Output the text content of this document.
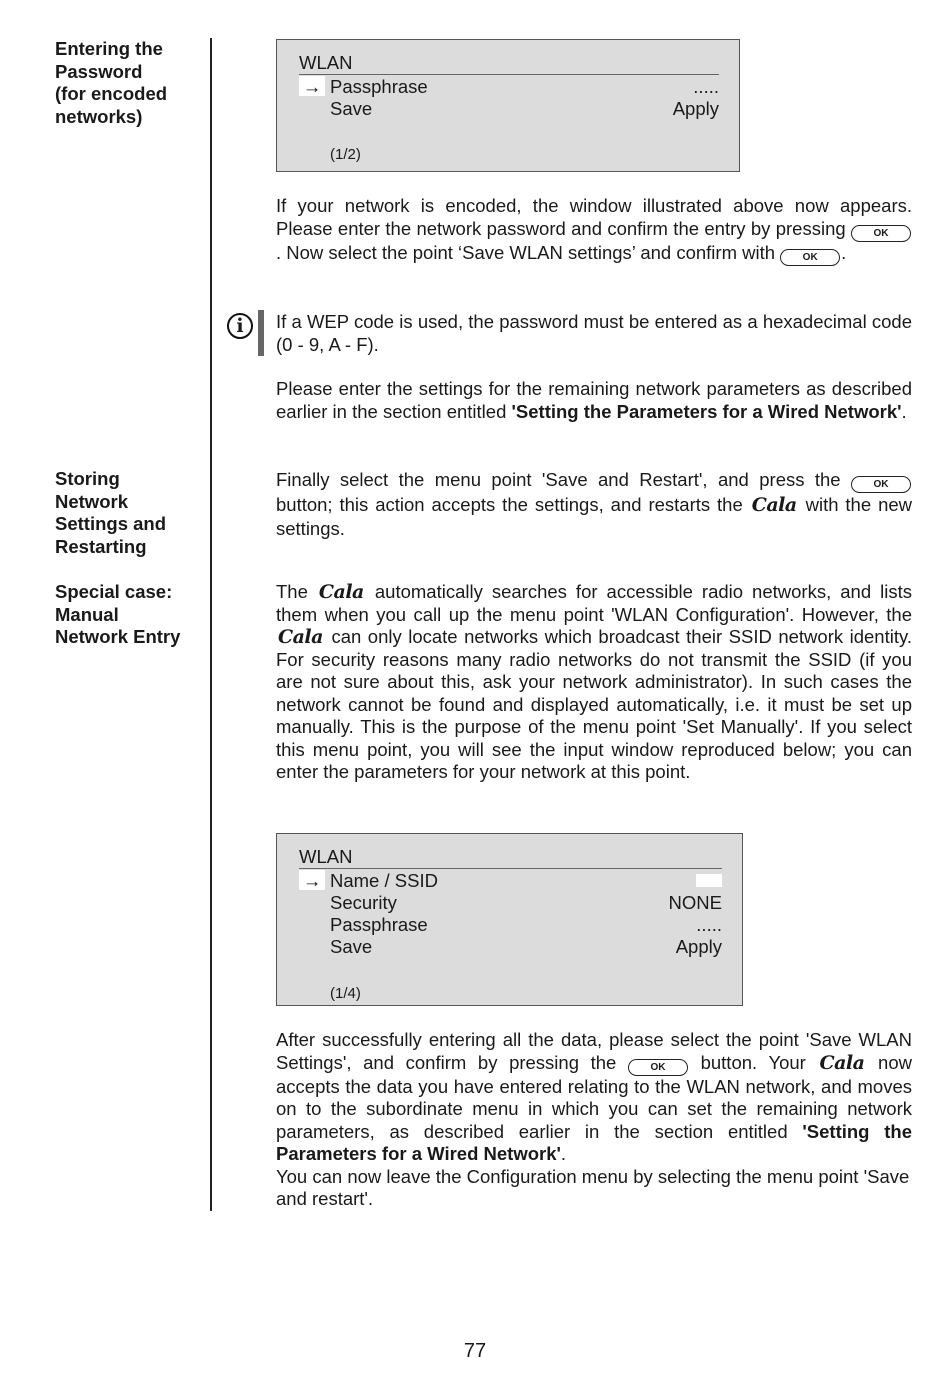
Entering the
Password
(for encoded
networks)
Storing
Network
Settings and
Restarting
Special case:
Manual
Network Entry
WLAN
→ Passphrase	.....
Save	Apply
(1/2)
If your network is encoded, the window illustrated above now appears. Please enter the network password and confirm the entry by pressing OK. Now select the point ‘Save WLAN settings’ and confirm with OK .
i	If a WEP code is used, the password must be entered as a hexadecimal code (0 - 9, A - F).
Please enter the settings for the remaining network parameters as described earlier in the section entitled 'Setting the Parameters for a Wired Network'.
Finally select the menu point 'Save and Restart', and press the OK button; this action accepts the settings, and restarts the Cala with the new settings.
The Cala automatically searches for accessible radio networks, and lists them when you call up the menu point 'WLAN Configuration'. However, the Cala can only locate networks which broadcast their SSID network identity. For security reasons many radio networks do not transmit the SSID (if you are not sure about this, ask your network administrator). In such cases the network cannot be found and displayed automatically, i.e. it must be set up manually. This is the purpose of the menu point 'Set Manually'. If you select this menu point, you will see the input window reproduced below; you can enter the parameters for your network at this point.
WLAN
→ Name / SSID
Security	NONE
Passphrase	.....
Save	Apply
(1/4)
After successfully entering all the data, please select the point 'Save WLAN Settings', and confirm by pressing the OK button. Your Cala now accepts the data you have entered relating to the WLAN network, and moves on to the subordinate menu in which you can set the remaining network parameters, as described earlier in the section entitled 'Setting the Parameters for a Wired Network'.
You can now leave the Configuration menu by selecting the menu point 'Save and restart'.
77
